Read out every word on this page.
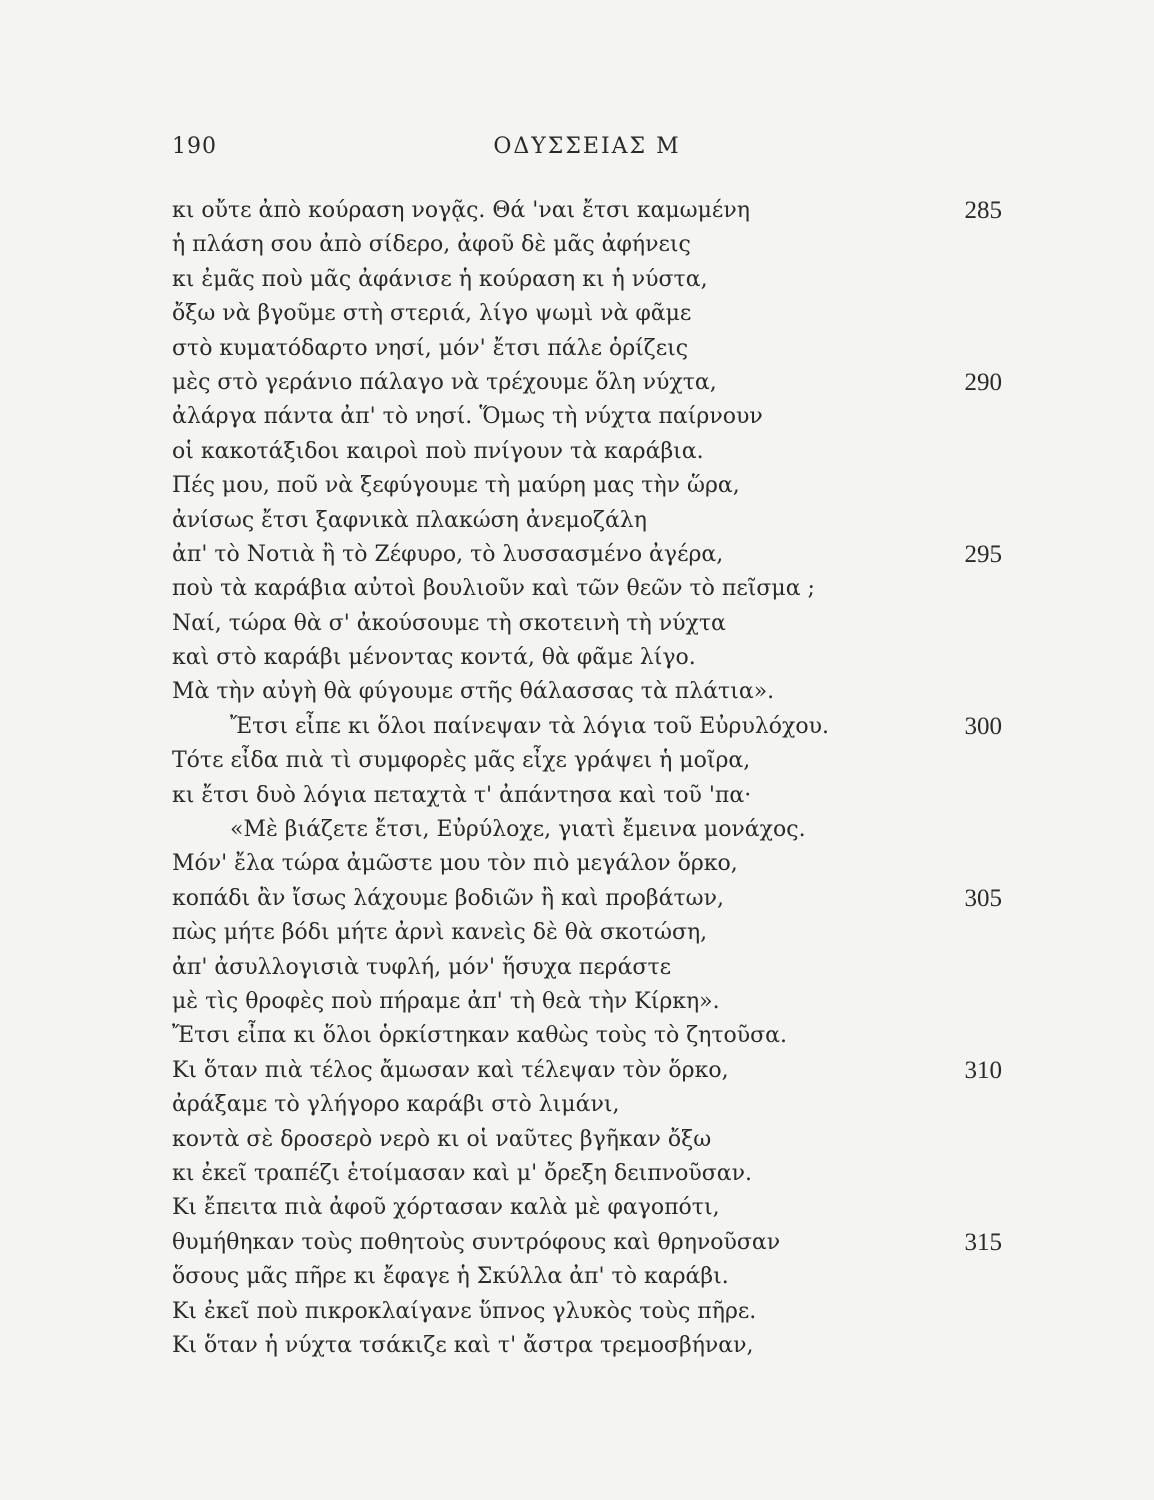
190	ΟΔΥΣΣΕΙΑΣ Μ
κι οὔτε ἀπὸ κούραση νογᾷς. Θά 'ναι ἔτσι καμωμένη	285
ἡ πλάση σου ἀπὸ σίδερο, ἀφοῦ δὲ μᾶς ἀφήνεις
κι ἐμᾶς ποὺ μᾶς ἀφάνισε ἡ κούραση κι ἡ νύστα,
ὄξω νὰ βγοῦμε στὴ στεριά, λίγο ψωμὶ νὰ φᾶμε
στὸ κυματόδαρτο νησί, μόν' ἔτσι πάλε ὁρίζεις
μὲς στὸ γεράνιο πάλαγο νὰ τρέχουμε ὅλη νύχτα,	290
ἀλάργα πάντα ἀπ' τὸ νησί. Ὅμως τὴ νύχτα παίρνουν
οἱ κακοτάξιδοι καιροὶ ποὺ πνίγουν τὰ καράβια.
Πές μου, ποῦ νὰ ξεφύγουμε τὴ μαύρη μας τὴν ὥρα,
ἀνίσως ἔτσι ξαφνικὰ πλακώση ἀνεμοζάλη
ἀπ' τὸ Νοτιὰ ἢ τὸ Ζέφυρο, τὸ λυσσασμένο ἀγέρα,	295
ποὺ τὰ καράβια αὐτοὶ βουλιοῦν καὶ τῶν θεῶν τὸ πεῖσμα ;
Ναί, τώρα θὰ σ' ἀκούσουμε τὴ σκοτεινὴ τὴ νύχτα
καὶ στὸ καράβι μένοντας κοντά, θὰ φᾶμε λίγο.
Μὰ τὴν αὐγὴ θὰ φύγουμε στῆς θάλασσας τὰ πλάτια».
Ἔτσι εἶπε κι ὅλοι παίνεψαν τὰ λόγια τοῦ Εὐρυλόχου.	300
Τότε εἶδα πιὰ τὶ συμφορὲς μᾶς εἶχε γράψει ἡ μοῖρα,
κι ἔτσι δυὸ λόγια πεταχτὰ τ' ἀπάντησα καὶ τοῦ 'πα·
«Μὲ βιάζετε ἔτσι, Εὐρύλοχε, γιατὶ ἔμεινα μονάχος.
Μόν' ἔλα τώρα ἀμῶστε μου τὸν πιὸ μεγάλον ὅρκο,
κοπάδι ἂν ἴσως λάχουμε βοδιῶν ἢ καὶ προβάτων,	305
πὼς μήτε βόδι μήτε ἀρνὶ κανεὶς δὲ θὰ σκοτώση,
ἀπ' ἀσυλλογισιὰ τυφλή, μόν' ἥσυχα περάστε
μὲ τὶς θροφὲς ποὺ πήραμε ἀπ' τὴ θεὰ τὴν Κίρκη».
Ἔτσι εἶπα κι ὅλοι ὁρκίστηκαν καθὼς τοὺς τὸ ζητοῦσα.
Κι ὅταν πιὰ τέλος ἄμωσαν καὶ τέλεψαν τὸν ὅρκο,	310
ἀράξαμε τὸ γλήγορο καράβι στὸ λιμάνι,
κοντὰ σὲ δροσερὸ νερὸ κι οἱ ναῦτες βγῆκαν ὄξω
κι ἐκεῖ τραπέζι ἑτοίμασαν καὶ μ' ὄρεξη δειπνοῦσαν.
Κι ἔπειτα πιὰ ἀφοῦ χόρτασαν καλὰ μὲ φαγοπότι,
θυμήθηκαν τοὺς ποθητοὺς συντρόφους καὶ θρηνοῦσαν	315
ὅσους μᾶς πῆρε κι ἔφαγε ἡ Σκύλλα ἀπ' τὸ καράβι.
Κι ἐκεῖ ποὺ πικροκλαίγανε ὕπνος γλυκὸς τοὺς πῆρε.
Κι ὅταν ἡ νύχτα τσάκιζε καὶ τ' ἄστρα τρεμοσβήναν,
